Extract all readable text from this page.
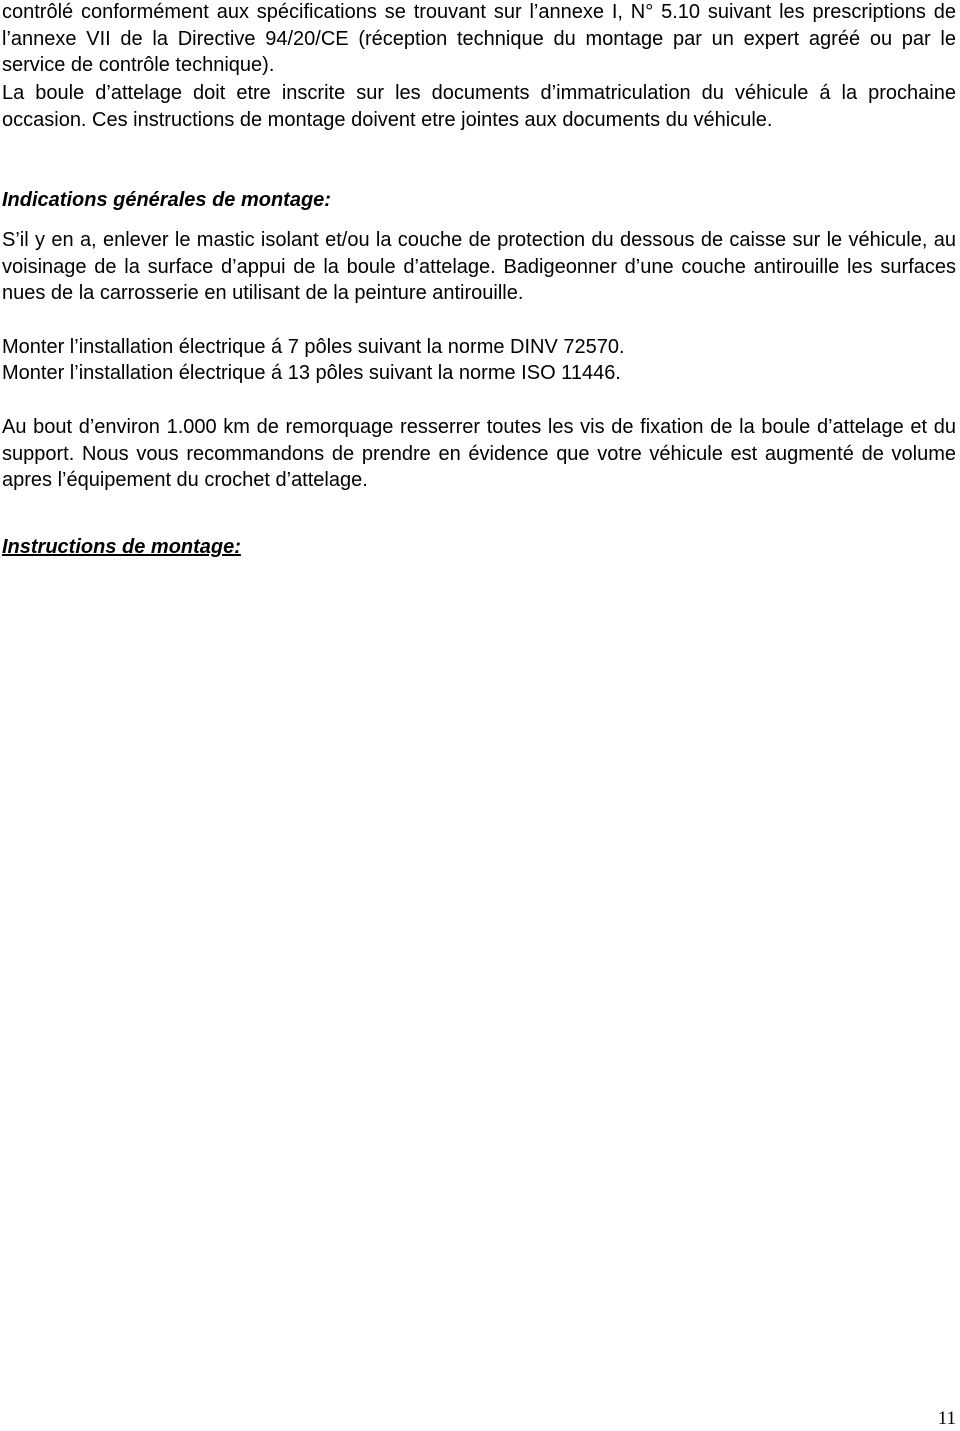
contrôlé conformément aux spécifications se trouvant sur l’annexe I, N° 5.10 suivant les prescriptions de l’annexe VII de la Directive 94/20/CE (réception technique du montage par un expert agréé ou par le service de contrôle technique).

La boule d’attelage doit etre inscrite sur les documents d’immatriculation du véhicule á la prochaine occasion. Ces instructions de montage doivent etre jointes aux documents du véhicule.

Indications générales de montage:

S’il y en a, enlever le mastic isolant et/ou la couche de protection du dessous de caisse sur le véhicule, au voisinage de la surface d’appui de la boule d’attelage. Badigeonner d’une couche antirouille les surfaces nues de la carrosserie en utilisant de la peinture antirouille.

Monter l’installation électrique á 7 pôles suivant la norme DINV 72570.

Monter l’installation électrique á 13 pôles suivant la norme ISO 11446.

Au bout d’environ 1.000 km de remorquage resserrer toutes les vis de fixation de la boule d’attelage et du support. Nous vous recommandons de prendre en évidence que votre véhicule est augmenté de volume apres l’équipement du crochet d’attelage.

Instructions de montage:

11
